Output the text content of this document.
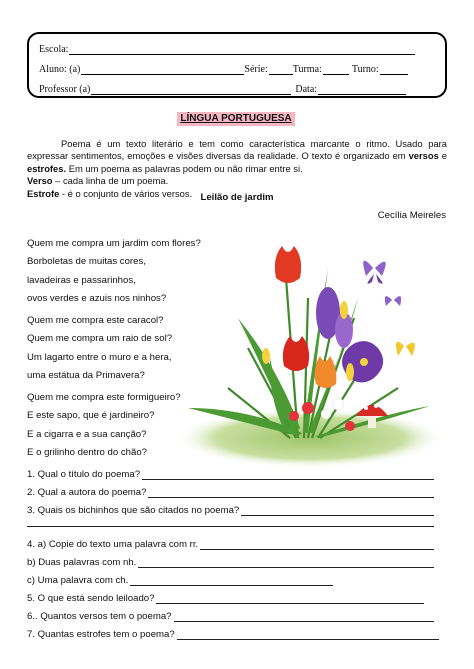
Escola:
Aluno: (a)	Série:	Turma:	Turno:
Professor (a)	Data:
LÍNGUA PORTUGUESA

Poema é um texto literário e tem como característica marcante o ritmo. Usado para expressar sentimentos, emoções e visões diversas da realidade. O texto é organizado em versos e estrofes. Em um poema as palavras podem ou não rimar entre si.

Verso – cada linha de um poema.

Estrofe - é o conjunto de vários versos. Leilão de jardim
Cecília Meireles
Quem me compra um jardim com flores?
Borboletas de muitas cores,
lavadeiras e passarinhos,
ovos verdes e azuis nos ninhos?
Quem me compra este caracol?
Quem me compra um raio de sol?
Um lagarto entre o muro e a hera,
uma estátua da Primavera?
Quem me compra este formigueiro?
E este sapo, que é jardineiro?
E a cigarra e a sua canção?
E o grilinho dentro do chão?
1. Qual o título do poema?
2. Qual a autora do poema?
3. Quais os bichinhos que são citados no poema?
4. a) Copie do texto uma palavra com rr.
b) Duas palavras com nh.
c) Uma palavra com ch.
5. O que está sendo leiloado?
6.. Quantos versos tem o poema?
7. Quantas estrofes tem o poema?
